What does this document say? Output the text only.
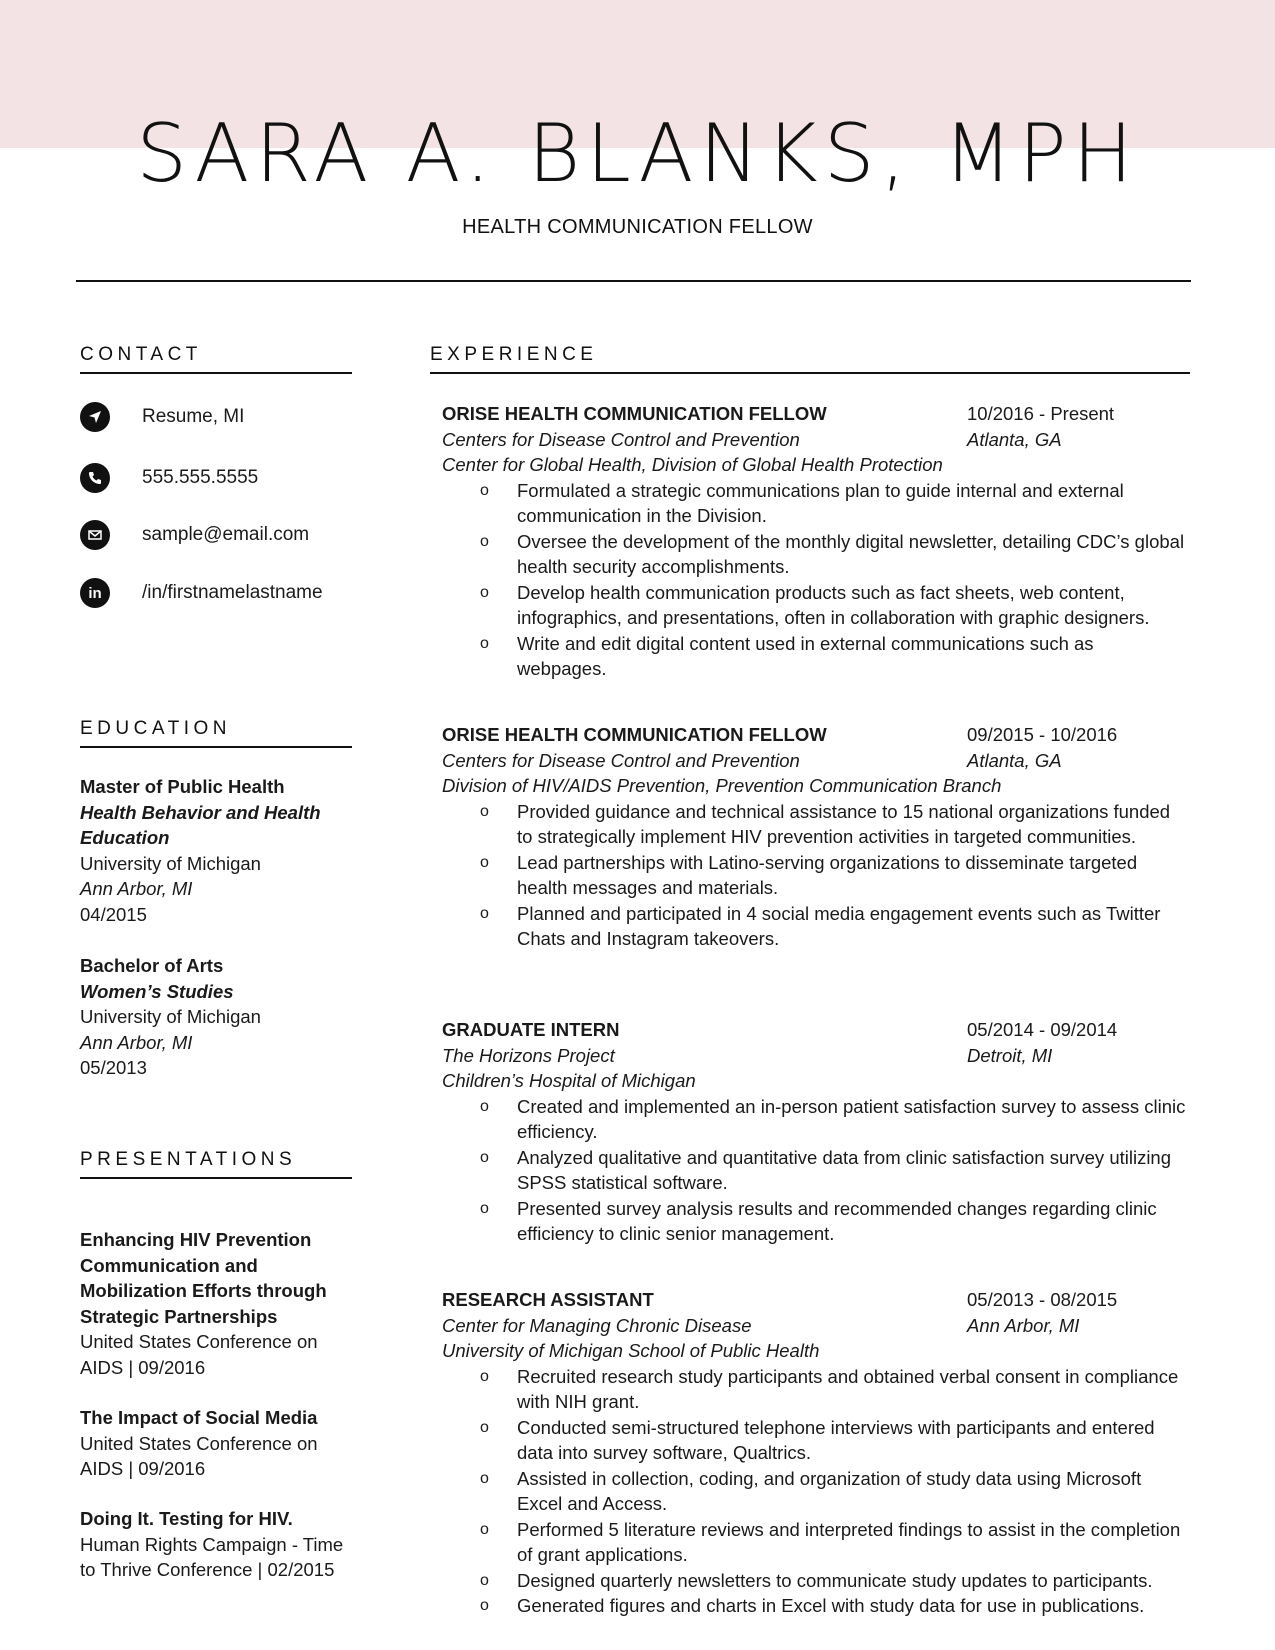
SARA A. BLANKS, MPH
HEALTH COMMUNICATION FELLOW
CONTACT
Resume, MI
555.555.5555
sample@email.com
in	/in/firstnamelastname
EDUCATION
Master of Public Health
Health Behavior and Health Education
University of Michigan
Ann Arbor, MI
04/2015
Bachelor of Arts
Women’s Studies
University of Michigan
Ann Arbor, MI
05/2013
PRESENTATIONS
Enhancing HIV Prevention Communication and Mobilization Efforts through Strategic Partnerships
United States Conference on AIDS | 09/2016
The Impact of Social Media
United States Conference on AIDS | 09/2016
Doing It. Testing for HIV.
Human Rights Campaign - Time to Thrive Conference | 02/2015
EXPERIENCE
ORISE HEALTH COMMUNICATION FELLOW	10/2016 - Present
Centers for Disease Control and Prevention	Atlanta, GA
Center for Global Health, Division of Global Health Protection
o Formulated a strategic communications plan to guide internal and external communication in the Division.
o Oversee the development of the monthly digital newsletter, detailing CDC’s global health security accomplishments.
o Develop health communication products such as fact sheets, web content, infographics, and presentations, often in collaboration with graphic designers.
o Write and edit digital content used in external communications such as webpages.
ORISE HEALTH COMMUNICATION FELLOW	09/2015 - 10/2016
Centers for Disease Control and Prevention	Atlanta, GA
Division of HIV/AIDS Prevention, Prevention Communication Branch
o Provided guidance and technical assistance to 15 national organizations funded to strategically implement HIV prevention activities in targeted communities.
o Lead partnerships with Latino-serving organizations to disseminate targeted health messages and materials.
o Planned and participated in 4 social media engagement events such as Twitter Chats and Instagram takeovers.
GRADUATE INTERN	05/2014 - 09/2014
The Horizons Project	Detroit, MI
Children’s Hospital of Michigan
o Created and implemented an in-person patient satisfaction survey to assess clinic efficiency.
o Analyzed qualitative and quantitative data from clinic satisfaction survey utilizing SPSS statistical software.
o Presented survey analysis results and recommended changes regarding clinic efficiency to clinic senior management.
RESEARCH ASSISTANT	05/2013 - 08/2015
Center for Managing Chronic Disease	Ann Arbor, MI
University of Michigan School of Public Health
o Recruited research study participants and obtained verbal consent in compliance with NIH grant.
o Conducted semi-structured telephone interviews with participants and entered data into survey software, Qualtrics.
o Assisted in collection, coding, and organization of study data using Microsoft Excel and Access.
o Performed 5 literature reviews and interpreted findings to assist in the completion of grant applications.
o Designed quarterly newsletters to communicate study updates to participants.
o Generated figures and charts in Excel with study data for use in publications.
